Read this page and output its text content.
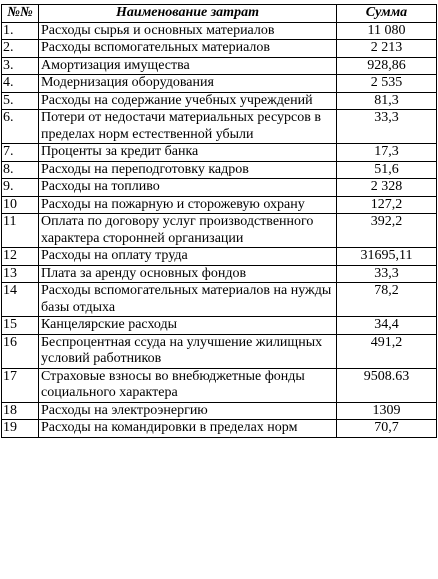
№№	Наименование затрат	Сумма
1.	Расходы сырья и основных материалов	11 080
2.	Расходы вспомогательных материалов	2 213
3.	Амортизация имущества	928,86
4.	Модернизация оборудования	2 535
5.	Расходы на содержание учебных учреждений	81,3
6.	Потери от недостачи материальных ресурсов в пределах норм естественной убыли	33,3
7.	Проценты за кредит банка	17,3
8.	Расходы на переподготовку кадров	51,6
9.	Расходы на топливо	2 328
10	Расходы на пожарную и сторожевую охрану	127,2
11	Оплата по договору услуг производственного характера сторонней организации	392,2
12	Расходы на оплату труда	31695,11
13	Плата за аренду основных фондов	33,3
14	Расходы вспомогательных материалов на нужды базы отдыха	78,2
15	Канцелярские расходы	34,4
16	Беспроцентная ссуда на улучшение жилищных условий работников	491,2
17	Страховые взносы во внебюджетные фонды социального характера	9508.63
18	Расходы на электроэнергию	1309
19	Расходы на командировки в пределах норм	70,7
